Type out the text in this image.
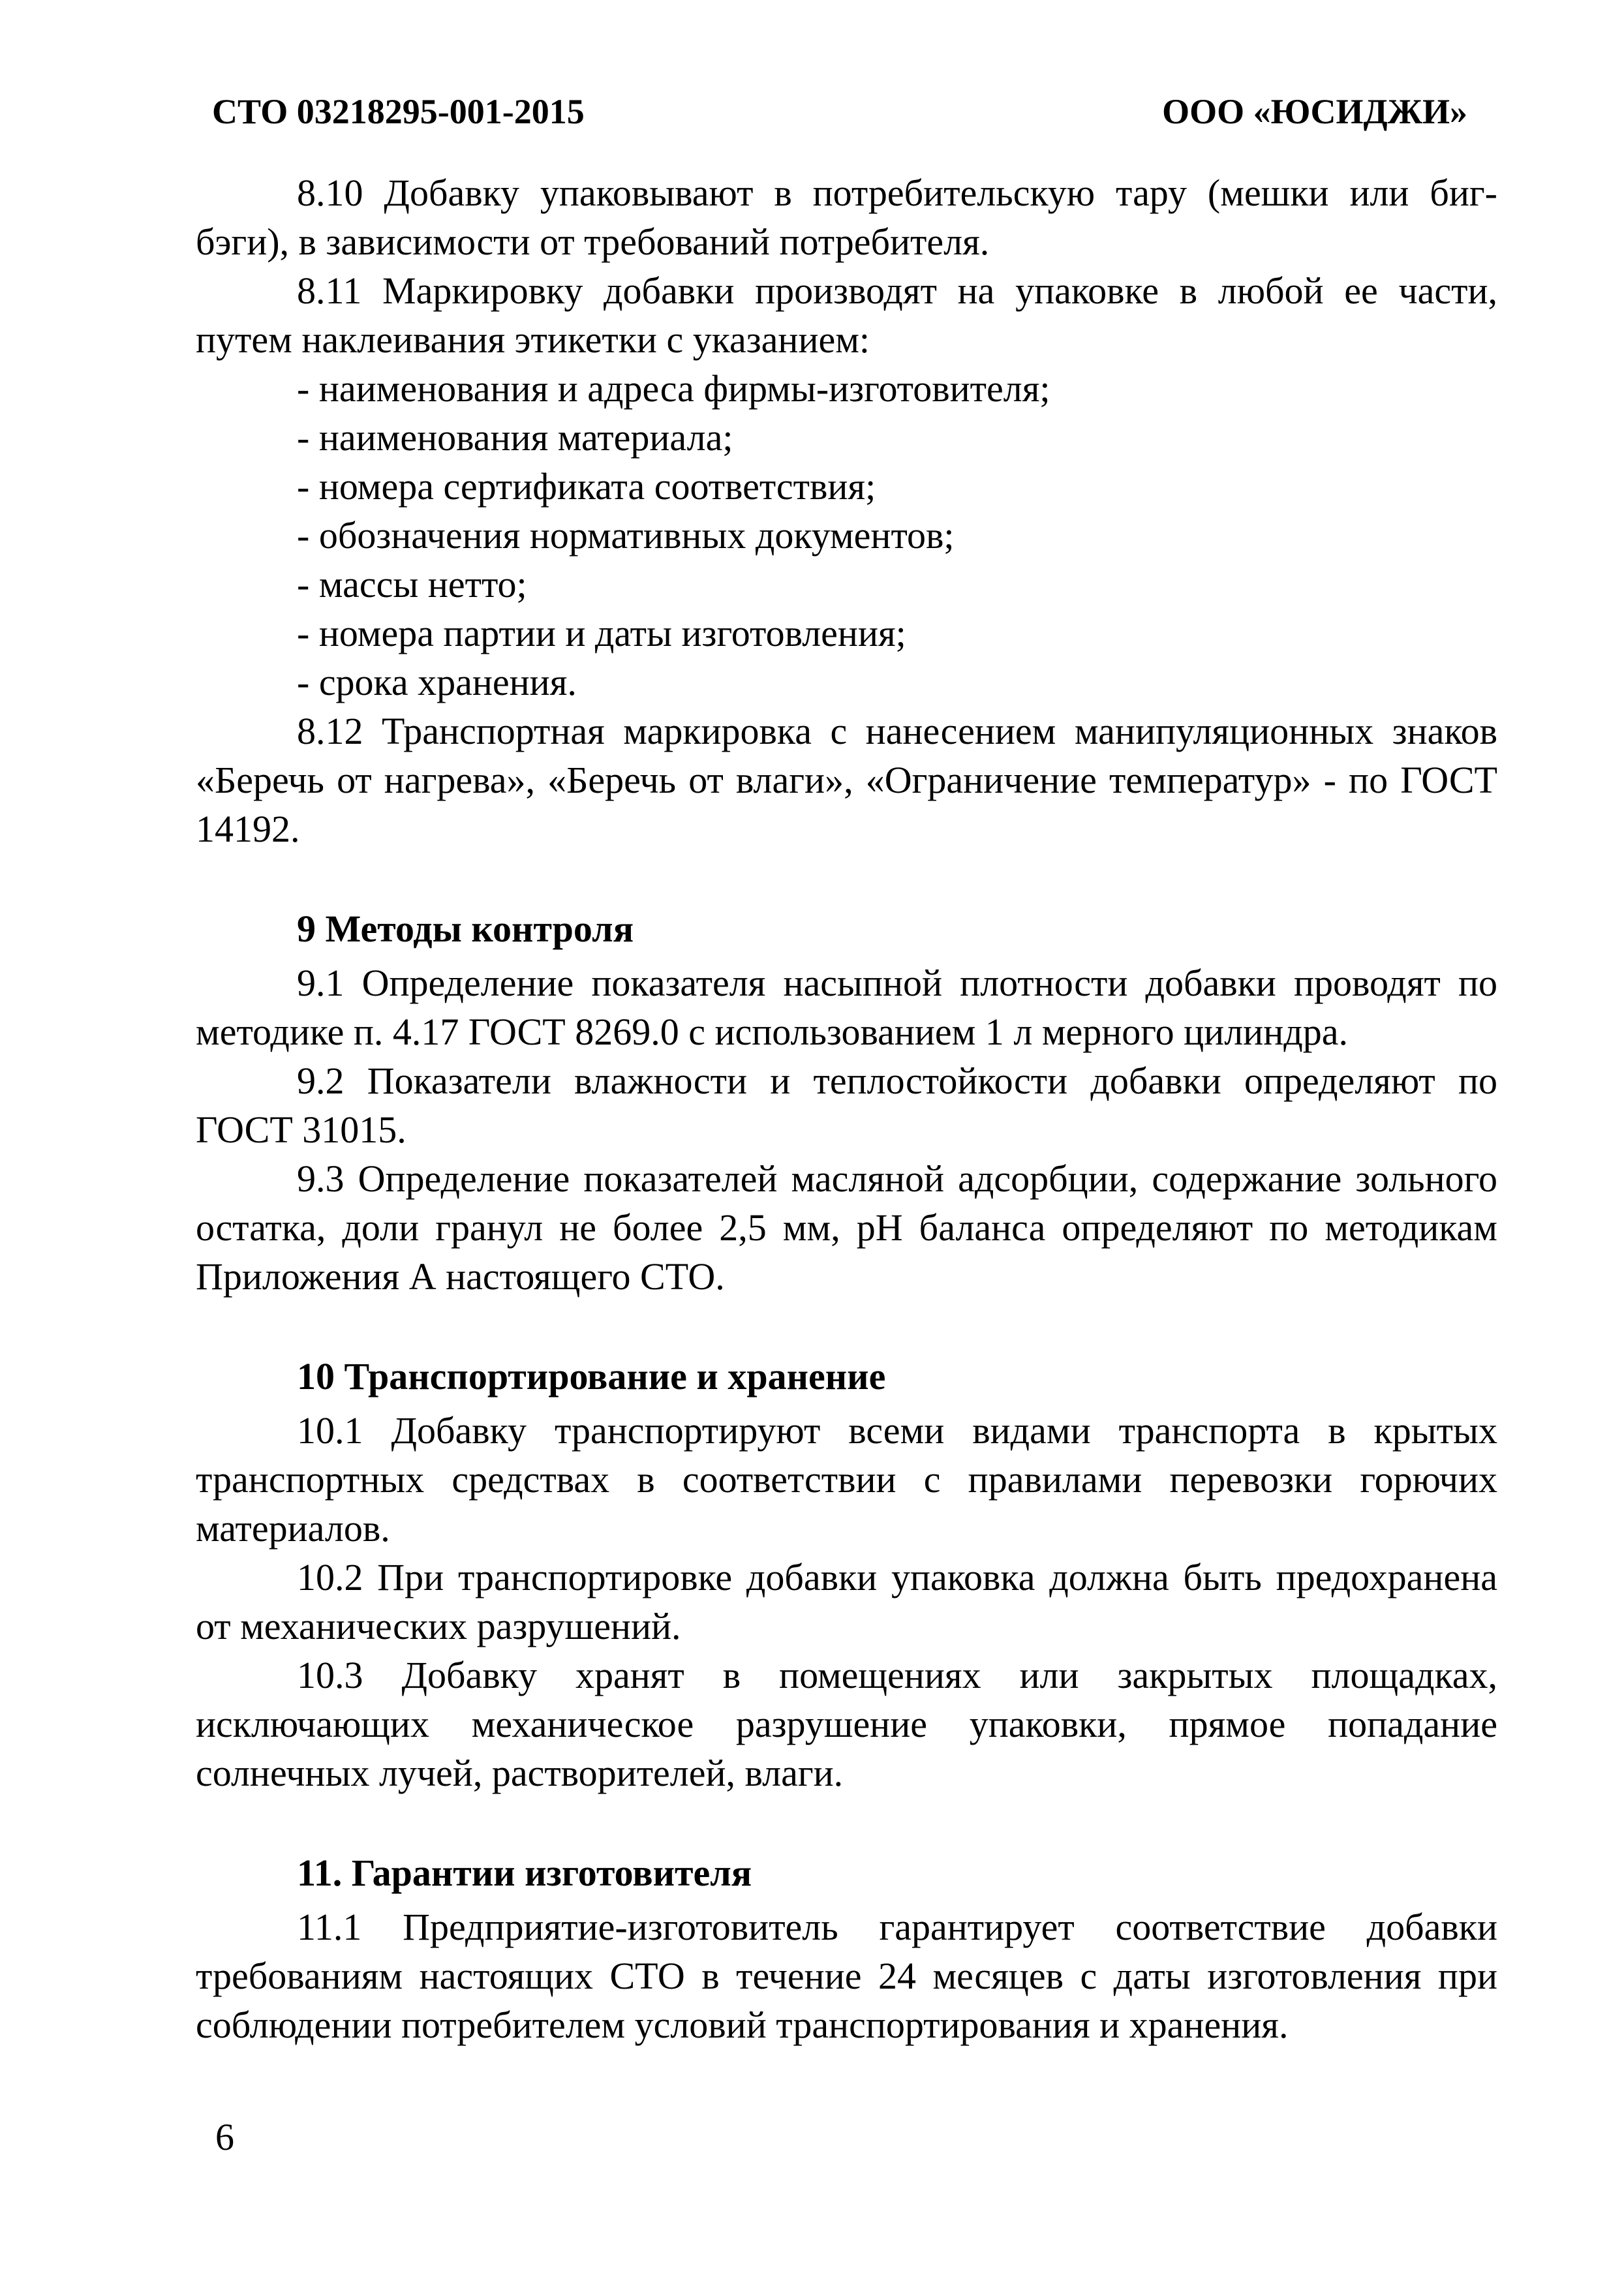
СТО 03218295-001-2015	ООО «ЮСИДЖИ»

8.10 Добавку упаковывают в потребительскую тару (мешки или биг-бэги), в зависимости от требований потребителя.

8.11 Маркировку добавки производят на упаковке в любой ее части, путем наклеивания этикетки с указанием:

- наименования и адреса фирмы-изготовителя;

- наименования материала;

- номера сертификата соответствия;

- обозначения нормативных документов;

- массы нетто;

- номера партии и даты изготовления;

- срока хранения.

8.12 Транспортная маркировка с нанесением манипуляционных знаков «Беречь от нагрева», «Беречь от влаги», «Ограничение температур» - по ГОСТ 14192.

9 Методы контроля

9.1 Определение показателя насыпной плотности добавки проводят по методике п. 4.17 ГОСТ 8269.0 с использованием 1 л мерного цилиндра.

9.2 Показатели влажности и теплостойкости добавки определяют по ГОСТ 31015.

9.3 Определение показателей масляной адсорбции, содержание зольного остатка, доли гранул не более 2,5 мм, pH баланса определяют по методикам Приложения А настоящего СТО.

10 Транспортирование и хранение

10.1 Добавку транспортируют всеми видами транспорта в крытых транспортных средствах в соответствии с правилами перевозки горючих материалов.

10.2 При транспортировке добавки упаковка должна быть предохранена от механических разрушений.

10.3 Добавку хранят в помещениях или закрытых площадках, исключающих механическое разрушение упаковки, прямое попадание солнечных лучей, растворителей, влаги.

11. Гарантии изготовителя

11.1 Предприятие-изготовитель гарантирует соответствие добавки требованиям настоящих СТО в течение 24 месяцев с даты изготовления при соблюдении потребителем условий транспортирования и хранения.

6
